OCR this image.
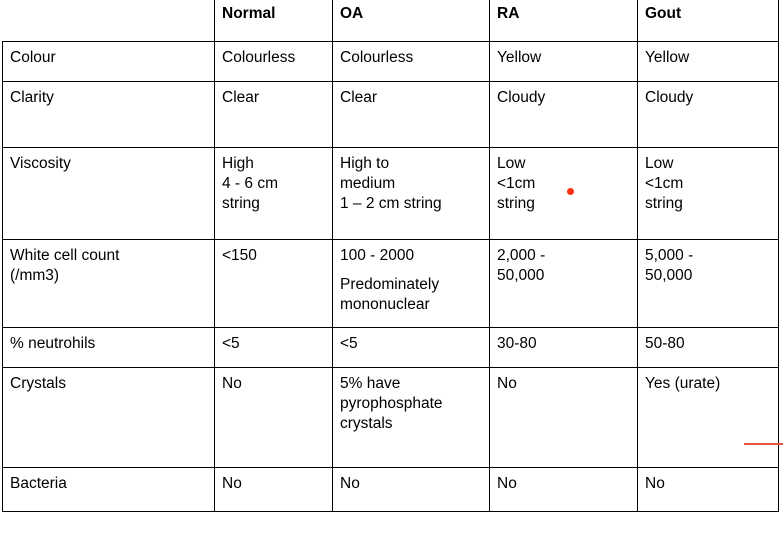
	Normal	OA	RA	Gout
Colour	Colourless	Colourless	Yellow	Yellow

Clarity	Clear	Clear	Cloudy	Cloudy

Viscosity	High
4 - 6 cm
string	High to
medium
1 – 2 cm string	Low
<1cm
string	Low
<1cm
string

White cell count
(/mm3)	<150	100 - 2000
Predominately
mononuclear	2,000 -
50,000	5,000 -
50,000

% neutrohils	<5	<5	30-80	50-80

Crystals	No	5% have
pyrophosphate
crystals	No	Yes (urate)

Bacteria	No	No	No	No
